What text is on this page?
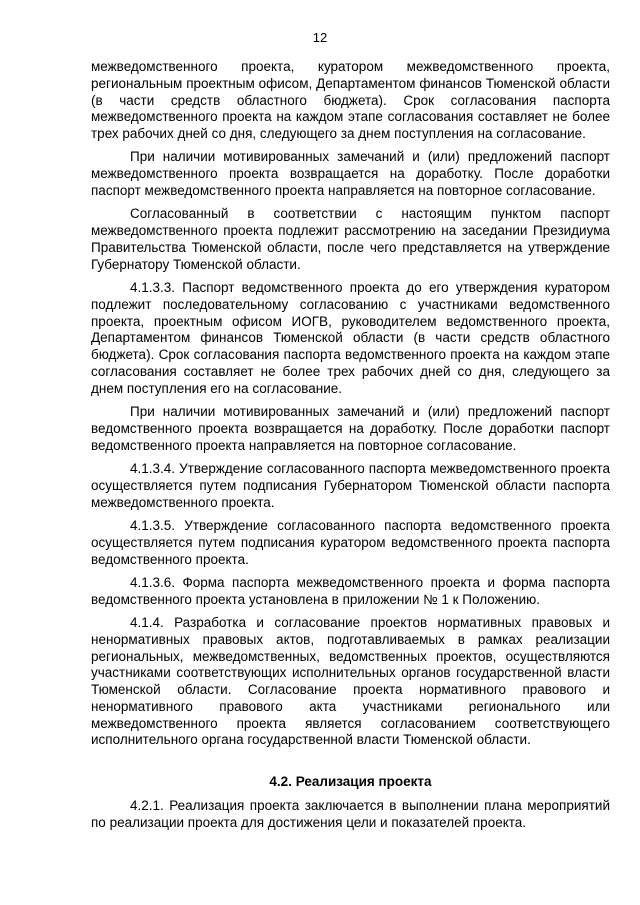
12

межведомственного проекта, куратором межведомственного проекта, региональным проектным офисом, Департаментом финансов Тюменской области (в части средств областного бюджета). Срок согласования паспорта межведомственного проекта на каждом этапе согласования составляет не более трех рабочих дней со дня, следующего за днем поступления на согласование.

При наличии мотивированных замечаний и (или) предложений паспорт межведомственного проекта возвращается на доработку. После доработки паспорт межведомственного проекта направляется на повторное согласование.

Согласованный в соответствии с настоящим пунктом паспорт межведомственного проекта подлежит рассмотрению на заседании Президиума Правительства Тюменской области, после чего представляется на утверждение Губернатору Тюменской области.

4.1.3.3. Паспорт ведомственного проекта до его утверждения куратором подлежит последовательному согласованию с участниками ведомственного проекта, проектным офисом ИОГВ, руководителем ведомственного проекта, Департаментом финансов Тюменской области (в части средств областного бюджета). Срок согласования паспорта ведомственного проекта на каждом этапе согласования составляет не более трех рабочих дней со дня, следующего за днем поступления его на согласование.

При наличии мотивированных замечаний и (или) предложений паспорт ведомственного проекта возвращается на доработку. После доработки паспорт ведомственного проекта направляется на повторное согласование.

4.1.3.4. Утверждение согласованного паспорта межведомственного проекта осуществляется путем подписания Губернатором Тюменской области паспорта межведомственного проекта.

4.1.3.5. Утверждение согласованного паспорта ведомственного проекта осуществляется путем подписания куратором ведомственного проекта паспорта ведомственного проекта.

4.1.3.6. Форма паспорта межведомственного проекта и форма паспорта ведомственного проекта установлена в приложении № 1 к Положению.

4.1.4. Разработка и согласование проектов нормативных правовых и ненормативных правовых актов, подготавливаемых в рамках реализации региональных, межведомственных, ведомственных проектов, осуществляются участниками соответствующих исполнительных органов государственной власти Тюменской области. Согласование проекта нормативного правового и ненормативного правового акта участниками регионального или межведомственного проекта является согласованием соответствующего исполнительного органа государственной власти Тюменской области.

4.2. Реализация проекта

4.2.1. Реализация проекта заключается в выполнении плана мероприятий по реализации проекта для достижения цели и показателей проекта.
